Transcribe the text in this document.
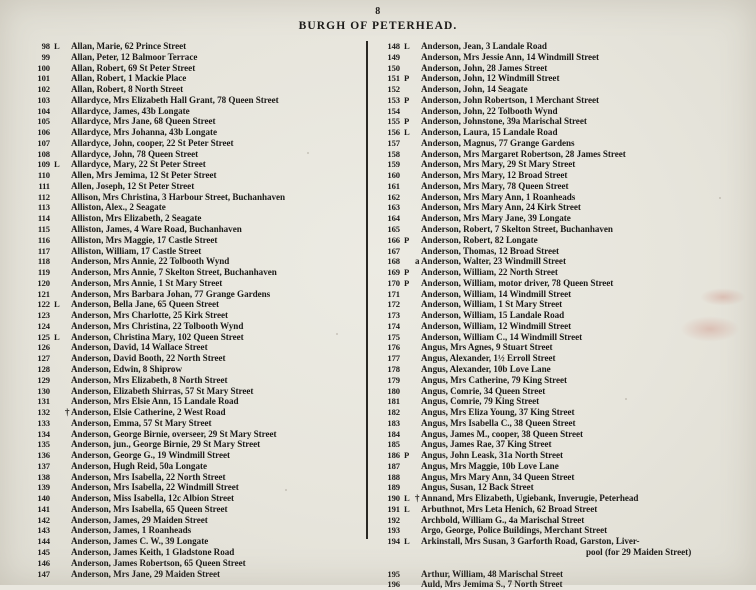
8
BURGH OF PETERHEAD.
98 L	Allan, Marie, 62 Prince Street
99 Allan, Peter, 12 Balmoor Terrace
100 Allan, Robert, 69 St Peter Street
101 Allan, Robert, 1 Mackie Place
102 Allan, Robert, 8 North Street
103 Allardyce, Mrs Elizabeth Hall Grant, 78 Queen Street
104 Allardyce, James, 43b Longate
105 Allardyce, Mrs Jane, 68 Queen Street
106 Allardyce, Mrs Johanna, 43b Longate
107 Allardyce, John, cooper, 22 St Peter Street
108 Allardyce, John, 78 Queen Street
109 L	Allardyce, Mary, 22 St Peter Street
110 Allen, Mrs Jemima, 12 St Peter Street
111 Allen, Joseph, 12 St Peter Street
112 Allison, Mrs Christina, 3 Harbour Street, Buchanhaven
113 Alliston, Alex., 2 Seagate
114 Alliston, Mrs Elizabeth, 2 Seagate
115 Alliston, James, 4 Ware Road, Buchanhaven
116 Alliston, Mrs Maggie, 17 Castle Street
117 Alliston, William, 17 Castle Street
118 Anderson, Mrs Annie, 22 Tolbooth Wynd
119 Anderson, Mrs Annie, 7 Skelton Street, Buchanhaven
120 Anderson, Mrs Annie, 1 St Mary Street
121 Anderson, Mrs Barbara Johan, 77 Grange Gardens
122 L	Anderson, Bella Jane, 65 Queen Street
123 Anderson, Mrs Charlotte, 25 Kirk Street
124 Anderson, Mrs Christina, 22 Tolbooth Wynd
125 L	Anderson, Christina Mary, 102 Queen Street
126 Anderson, David, 14 Wallace Street
127 Anderson, David Booth, 22 North Street
128 Anderson, Edwin, 8 Shiprow
129 Anderson, Mrs Elizabeth, 8 North Street
130 Anderson, Elizabeth Shirras, 57 St Mary Street
131 Anderson, Mrs Elsie Ann, 15 Landale Road
132 † Anderson, Elsie Catherine, 2 West Road
133 Anderson, Emma, 57 St Mary Street
134 Anderson, George Birnie, overseer, 29 St Mary Street
135 Anderson, jun., George Birnie, 29 St Mary Street
136 Anderson, George G., 19 Windmill Street
137 Anderson, Hugh Reid, 50a Longate
138 Anderson, Mrs Isabella, 22 North Street
139 Anderson, Mrs Isabella, 22 Windmill Street
140 Anderson, Miss Isabella, 12c Albion Street
141 Anderson, Mrs Isabella, 65 Queen Street
142 Anderson, James, 29 Maiden Street
143 Anderson, James, 1 Roanheads
144 Anderson, James C. W., 39 Longate
145 Anderson, James Keith, 1 Gladstone Road
146 Anderson, James Robertson, 65 Queen Street
147 Anderson, Mrs Jane, 29 Maiden Street
148 L	Anderson, Jean, 3 Landale Road
149 Anderson, Mrs Jessie Ann, 14 Windmill Street
150 Anderson, John, 28 James Street
151 P	Anderson, John, 12 Windmill Street
152 Anderson, John, 14 Seagate
153 P	Anderson, John Robertson, 1 Merchant Street
154 Anderson, John, 22 Tolbooth Wynd
155 P	Anderson, Johnstone, 39a Marischal Street
156 L	Anderson, Laura, 15 Landale Road
157 Anderson, Magnus, 77 Grange Gardens
158 Anderson, Mrs Margaret Robertson, 28 James Street
159 Anderson, Mrs Mary, 29 St Mary Street
160 Anderson, Mrs Mary, 12 Broad Street
161 Anderson, Mrs Mary, 78 Queen Street
162 Anderson, Mrs Mary Ann, 1 Roanheads
163 Anderson, Mrs Mary Ann, 24 Kirk Street
164 Anderson, Mrs Mary Jane, 39 Longate
165 Anderson, Robert, 7 Skelton Street, Buchanhaven
166 P	Anderson, Robert, 82 Longate
167 Anderson, Thomas, 12 Broad Street
168 a Anderson, Walter, 23 Windmill Street
169 P	Anderson, William, 22 North Street
170 P	Anderson, William, motor driver, 78 Queen Street
171 Anderson, William, 14 Windmill Street
172 Anderson, William, 1 St Mary Street
173 Anderson, William, 15 Landale Road
174 Anderson, William, 12 Windmill Street
175 Anderson, William C., 14 Windmill Street
176 Angus, Mrs Agnes, 9 Stuart Street
177 Angus, Alexander, 1½ Erroll Street
178 Angus, Alexander, 10b Love Lane
179 Angus, Mrs Catherine, 79 King Street
180 Angus, Comrie, 34 Queen Street
181 Angus, Comrie, 79 King Street
182 Angus, Mrs Eliza Young, 37 King Street
183 Angus, Mrs Isabella C., 38 Queen Street
184 Angus, James M., cooper, 38 Queen Street
185 Angus, James Rae, 37 King Street
186 P	Angus, John Leask, 31a North Street
187 Angus, Mrs Maggie, 10b Love Lane
188 Angus, Mrs Mary Ann, 34 Queen Street
189 Angus, Susan, 12 Back Street
190 L † Annand, Mrs Elizabeth, Ugiebank, Inverugie, Peterhead
191 L	Arbuthnot, Mrs Leta Henich, 62 Broad Street
192 Archbold, William G., 4a Marischal Street
193 Argo, George, Police Buildings, Merchant Street
194 L	Arkinstall, Mrs Susan, 3 Garforth Road, Garston, Liver-
pool (for 29 Maiden Street)
195 Arthur, William, 48 Marischal Street
196 Auld, Mrs Jemima S., 7 North Street
